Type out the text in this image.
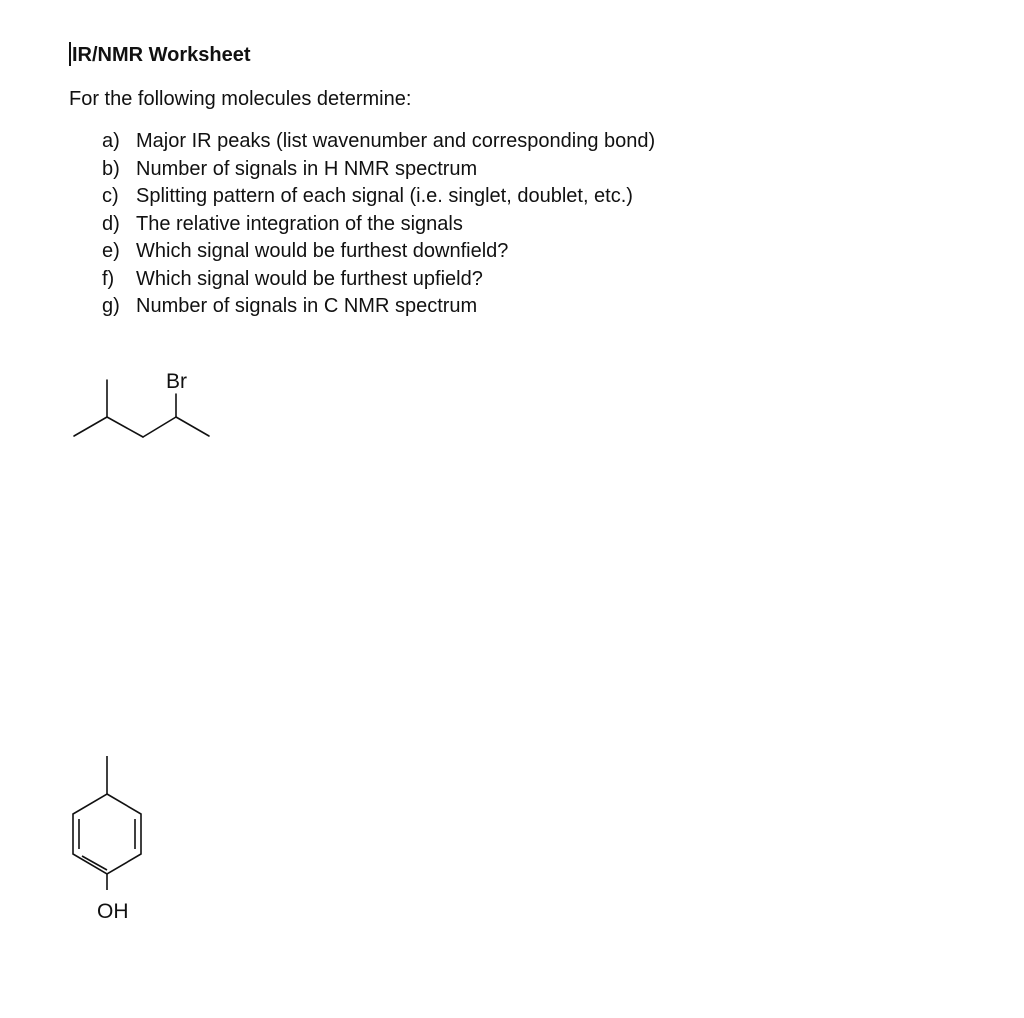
IR/NMR Worksheet
For the following molecules determine:
a) Major IR peaks (list wavenumber and corresponding bond)
b) Number of signals in H NMR spectrum
c) Splitting pattern of each signal (i.e. singlet, doublet, etc.)
d) The relative integration of the signals
e) Which signal would be furthest downfield?
f) Which signal would be furthest upfield?
g) Number of signals in C NMR spectrum
Br
OH
